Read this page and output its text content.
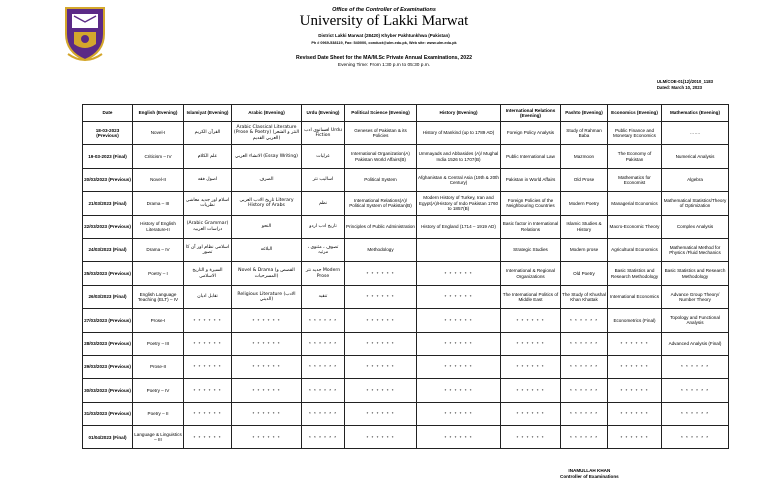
Office of the Controller of Examinations
University of Lakki Marwat
District Lakki Marwat (28420) Khyber Pakhtunkhwa (Pakistan)
Ph # 0969-538119, Fax: 540000, conduct@ulm.edu.pk, Web site: www.ulm.edu.pk
Revised Date Sheet for the MA/M.Sc Private Annual Examinations, 2022
Evening Time: From 1:30 p.m to 05:30 p.m.
ULM/COE-01(12)/2010_1183
Dated: March 10, 2023
Date	English (Evening)	Islamiyat (Evening)	Arabic (Evening)	Urdu (Evening)	Political Science (Evening)	History (Evening)	International Relations (Evening)	Pashto (Evening)	Economics (Evening)	Mathematics (Evening)
18-03-2023 (Previous)	Novel-I	القرآن الكريم	Arabic Classical Literature (Prose & Poetry) (النثر و الشعر العربي القديم)	افسانوی ادب Urdu Fiction	Geneses of Pakistan & its Policies	History of Mankind (up to 1789 AD)	Foreign Policy Analysis	Study of Rahman Baba	Public Finance and Monetary Economics	…….
19-03-2023 (Final)	Criticism – IV	علم الكلام	الانشاء العربي (Essay Writing)	غزلیات	International Organization(A) Pakistan World Affairs(B)	Ummayads and Abbasides (A)/ Mughal India 1526 to 1707(B)	Public International Law	Mazmoon	The Economy of Pakistan	Numerical Analysis
20/03/2023 (Previous)	Novel-II	اصول فقه	الصرف	اسالیب نثر	Political System	Afghanistan & Central Asia (19th & 20th Century)	Pakistan in World Affairs	Old Prose	Mathematics for Economist	Algebra
21/03/2023 (Final)	Drama – III	اسلام اور جدید معاشی نظریات	تاریخ الادب العربی Literary History of Arabs	نظم	International Relations(A)/ Political System of Pakistan(B)	Modern History of Turkey, Iran and Egypt(A)/History of Indo Pakistan 1760 to 1857(B)	Foreign Policies of the Neighbouring Countries	Modern Poetry	Managerial Economics	Mathematical Statistics/Theory of Optimization
22/03/2023 (Previous)	History of English Literature-II	(Arabic Grammar) دراسات العربیہ	النحو	تاریخ ادب اردو	Principles of Public Administration	History of England (1714 – 1919 AD)	Basic factor in International Relations	Islamic Studies & History	Macro-Economic Theory	Complex Analysis
24/03/2023 (Final)	Drama – IV	اسلامی نظام اور آن کا تصور	البلاغه	تصوف ، مثنوی ، مرثیہ	Methodology		Strategic Studies	Modern prose	Agricultural Economics	Mathematical Method for Physics /Fluid Mechanics
25/03/2023 (Previous)	Poetry – I	السیرة و التاريخ الاسلامی	Novel & Drama (القصص و المسرحيات)	جدید نثر Modern Prose	* * * * * *	* * * * * *	International & Regional Organizations	Old Poetry	Basic Statistics and Research Methodology	Basic Statistics and Research Methodology
26/03/2023 (Final)	English Language Teaching (ELT) – IV	تقابل ادیان	Religious Literature (الادب الديني)	تنقید	* * * * * *	* * * * * *	The International Politics of Middle East	The Study of Khushal Khan Khattak	International Economics	Advance Group Theory/ Number Theory
27/03/2023 (Previous)	Prose-I	* * * * * *	* * * * * *	* * * * * *	* * * * * *	* * * * * *	* * * * * *	* * * * * *	Econometrics (Final)	Topology and Functional Analysis
28/03/2023 (Previous)	Poetry – III	* * * * * *	* * * * * *	* * * * * *	* * * * * *	* * * * * *	* * * * * *	* * * * * *	* * * * * *	Advanced Analysis (Final)
29/03/2023 (Previous)	Prose-II	* * * * * *	* * * * * *	* * * * * *	* * * * * *	* * * * * *	* * * * * *	* * * * * *	* * * * * *	* * * * * *
30/03/2023 (Previous)	Poetry – IV	* * * * * *	* * * * * *	* * * * * *	* * * * * *	* * * * * *	* * * * * *	* * * * * *	* * * * * *	* * * * * *
31/03/2023 (Previous)	Poetry – II	* * * * * *	* * * * * *	* * * * * *	* * * * * *	* * * * * *	* * * * * *	* * * * * *	* * * * * *	* * * * * *
01/04/2023 (Final)	Language & Linguistics – III	* * * * * *	* * * * * *	* * * * * *	* * * * * *	* * * * * *	* * * * * *	* * * * * *	* * * * * *	* * * * * *
INAMULLAH KHAN
Controller of Examinations
